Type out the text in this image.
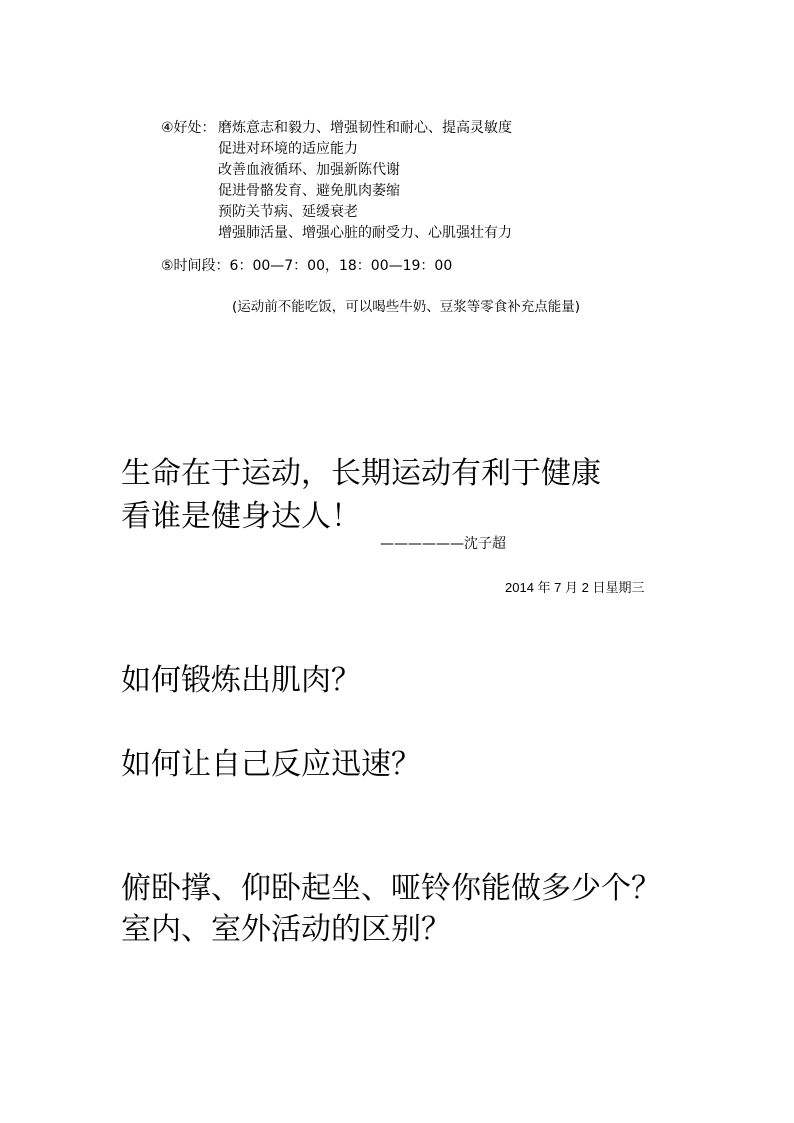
④好处： 磨炼意志和毅力、增强韧性和耐心、提高灵敏度
促进对环境的适应能力
改善血液循环、加强新陈代谢
促进骨骼发育、避免肌肉萎缩
预防关节病、延缓衰老
增强肺活量、增强心脏的耐受力、心肌强壮有力
⑤时间段：6：00—7：00，18：00—19：00
(运动前不能吃饭，可以喝些牛奶、豆浆等零食补充点能量)
生命在于运动，长期运动有利于健康
看谁是健身达人！
——————沈子超
2014 年 7 月 2 日星期三
如何锻炼出肌肉？
如何让自己反应迅速？
俯卧撑、仰卧起坐、哑铃你能做多少个？
室内、室外活动的区别？
